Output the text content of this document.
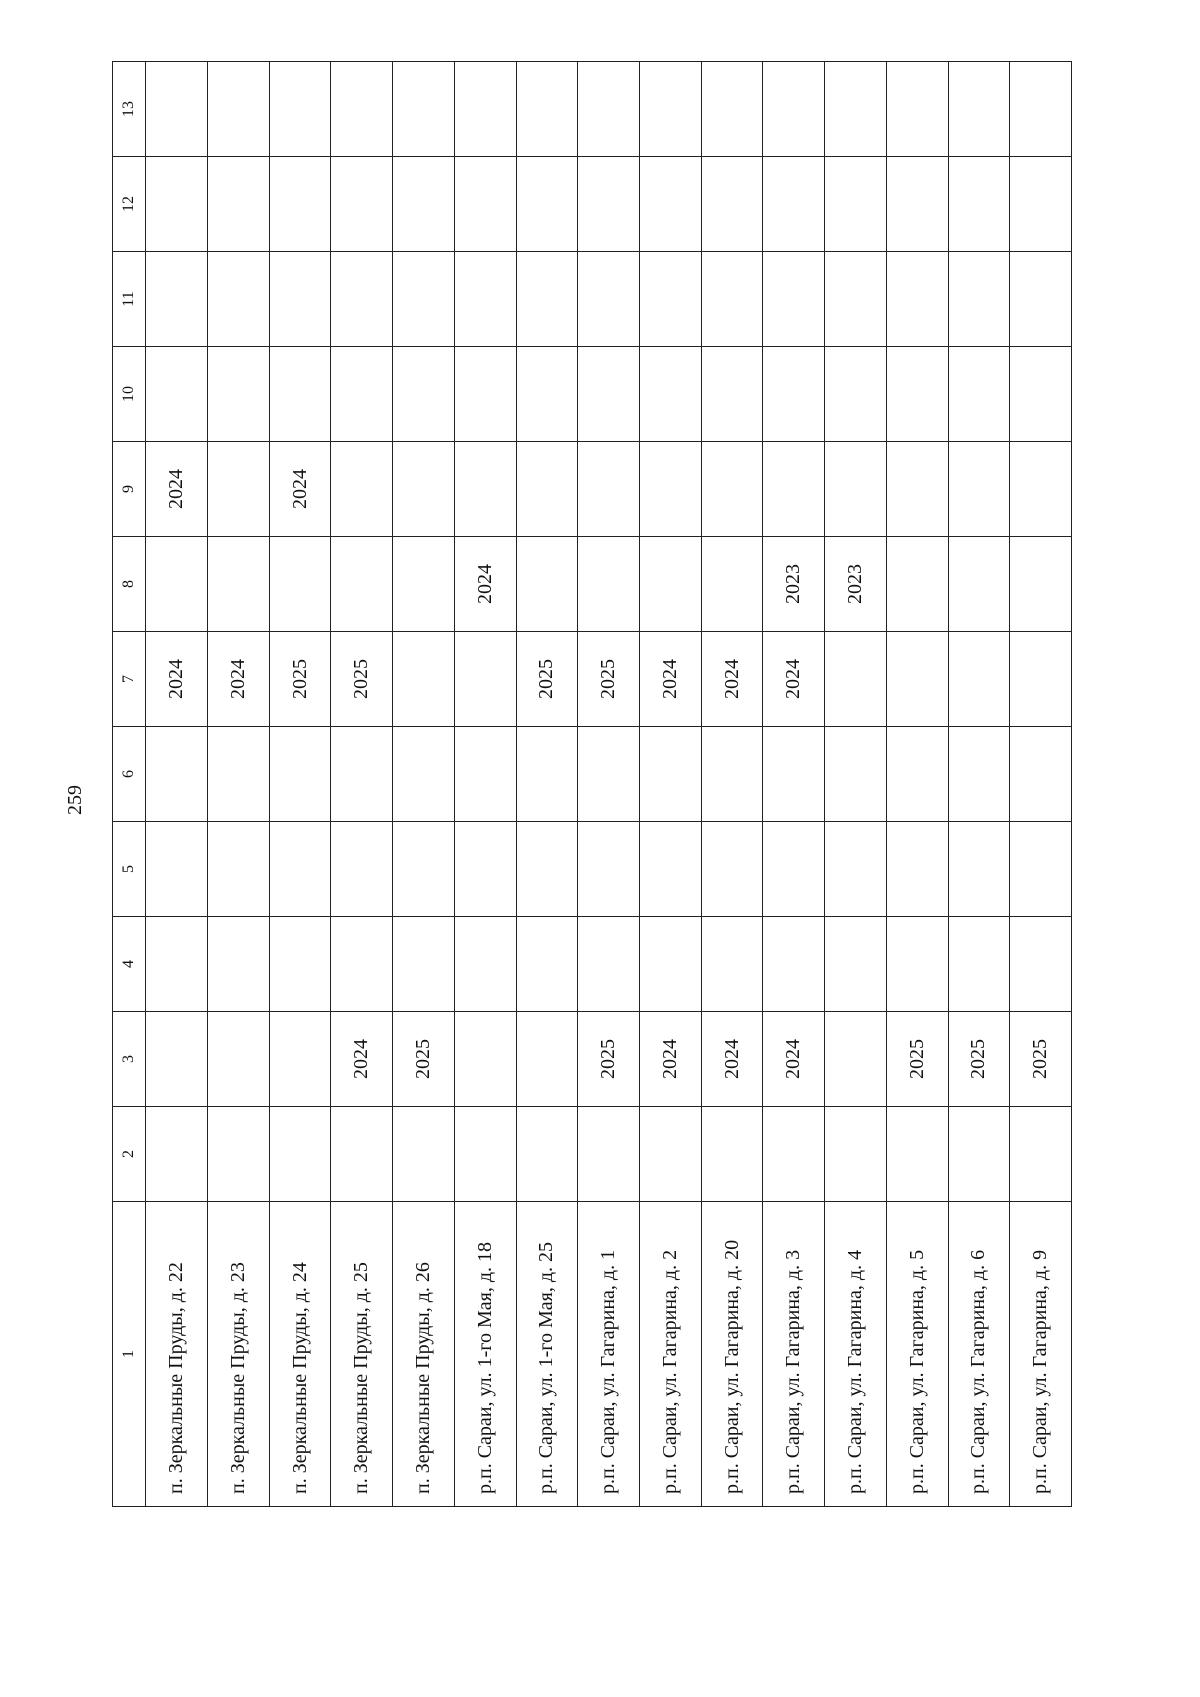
259
1	2	3	4	5	6	7	8	9	10	11	12	13
п. Зеркальные Пруды, д. 22						2024		2024				
п. Зеркальные Пруды, д. 23						2024						
п. Зеркальные Пруды, д. 24						2025		2024				
п. Зеркальные Пруды, д. 25		2024				2025						
п. Зеркальные Пруды, д. 26		2025										
р.п. Сараи, ул. 1-го Мая, д. 18							2024					
р.п. Сараи, ул. 1-го Мая, д. 25						2025						
р.п. Сараи, ул. Гагарина, д. 1		2025				2025						
р.п. Сараи, ул. Гагарина, д. 2		2024				2024						
р.п. Сараи, ул. Гагарина, д. 20		2024				2024						
р.п. Сараи, ул. Гагарина, д. 3		2024				2024	2023					
р.п. Сараи, ул. Гагарина, д. 4							2023					
р.п. Сараи, ул. Гагарина, д. 5		2025										
р.п. Сараи, ул. Гагарина, д. 6		2025										
р.п. Сараи, ул. Гагарина, д. 9		2025										
